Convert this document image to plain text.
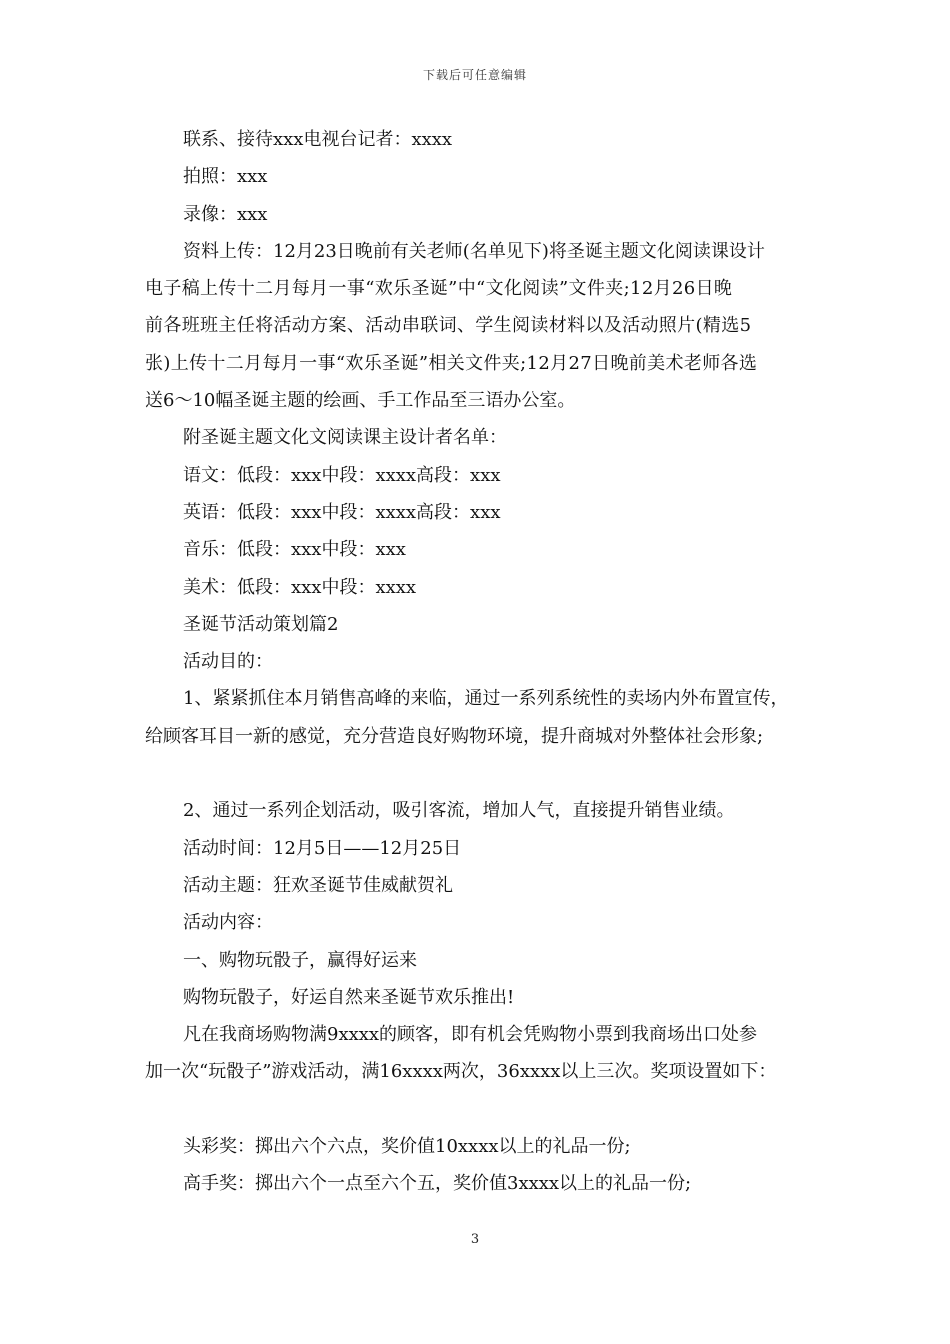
下载后可任意编辑
联系、接待xxx电视台记者：xxxx
拍照：xxx
录像：xxx
资料上传：12月23日晚前有关老师(名单见下)将圣诞主题文化阅读课设计
电子稿上传十二月每月一事“欢乐圣诞”中“文化阅读”文件夹;12月26日晚
前各班班主任将活动方案、活动串联词、学生阅读材料以及活动照片(精选5
张)上传十二月每月一事“欢乐圣诞”相关文件夹;12月27日晚前美术老师各选
送6～10幅圣诞主题的绘画、手工作品至三语办公室。
附圣诞主题文化文阅读课主设计者名单：
语文：低段：xxx中段：xxxx高段：xxx
英语：低段：xxx中段：xxxx高段：xxx
音乐：低段：xxx中段：xxx
美术：低段：xxx中段：xxxx
圣诞节活动策划篇2
活动目的：
1、紧紧抓住本月销售高峰的来临，通过一系列系统性的卖场内外布置宣传，
给顾客耳目一新的感觉，充分营造良好购物环境，提升商城对外整体社会形象;
2、通过一系列企划活动，吸引客流，增加人气，直接提升销售业绩。
活动时间：12月5日——12月25日
活动主题：狂欢圣诞节佳威献贺礼
活动内容：
一、购物玩骰子，赢得好运来
购物玩骰子，好运自然来圣诞节欢乐推出!
凡在我商场购物满9xxxx的顾客，即有机会凭购物小票到我商场出口处参
加一次“玩骰子”游戏活动，满16xxxx两次，36xxxx以上三次。奖项设置如下：
头彩奖：掷出六个六点，奖价值10xxxx以上的礼品一份;
高手奖：掷出六个一点至六个五，奖价值3xxxx以上的礼品一份;
3
